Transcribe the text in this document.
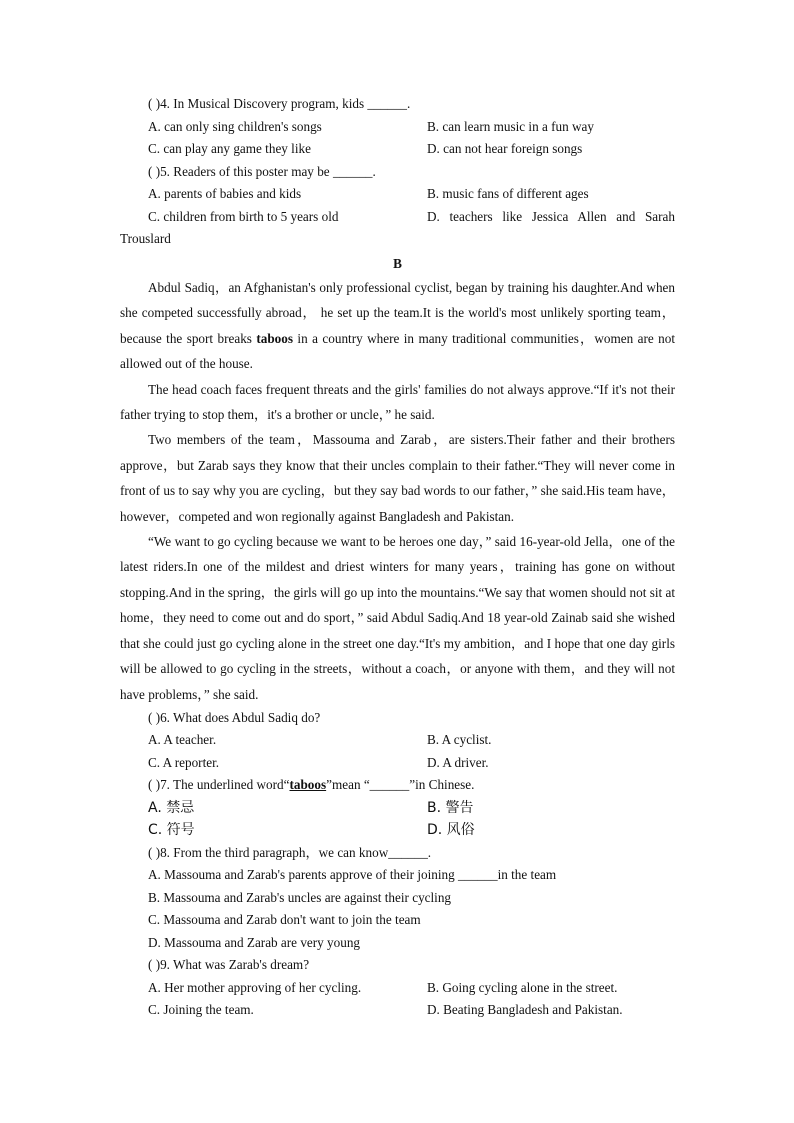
( )4. In Musical Discovery program, kids ______.
A. can only sing children's songs	B. can learn music in a fun way
C. can play any game they like	D. can not hear foreign songs
( )5. Readers of this poster may be ______.
A. parents of babies and kids	B. music fans of different ages
C. children from birth to 5 years old	D. teachers like Jessica Allen and Sarah
Trouslard
B

Abdul Sadiq，an Afghanistan's only professional cyclist, began by training his daughter.And when she competed successfully abroad， he set up the team.It is the world's most unlikely sporting team， because the sport breaks taboos in a country where in many traditional communities，women are not allowed out of the house.

The head coach faces frequent threats and the girls' families do not always approve.“If it's not their father trying to stop them，it's a brother or uncle，” he said.

Two members of the team，Massouma and Zarab，are sisters.Their father and their brothers approve，but Zarab says they know that their uncles complain to their father.“They will never come in front of us to say why you are cycling，but they say bad words to our father，” she said.His team have，however，competed and won regionally against Bangladesh and Pakistan.

“We want to go cycling because we want to be heroes one day，” said 16-year-old Jella，one of the latest riders.In one of the mildest and driest winters for many years，training has gone on without stopping.And in the spring，the girls will go up into the mountains.“We say that women should not sit at home，they need to come out and do sport，” said Abdul Sadiq.And 18 year-old Zainab said she wished that she could just go cycling alone in the street one day.“It's my ambition，and I hope that one day girls will be allowed to go cycling in the streets，without a coach，or anyone with them，and they will not have problems，” she said.

( )6. What does Abdul Sadiq do?
A. A teacher.	B. A cyclist.
C. A reporter.	D. A driver.
( )7. The underlined word“taboos”mean “______”in Chinese.
A. 禁忌	B. 警告
C. 符号	D. 风俗
( )8. From the third paragraph，we can know______.
A. Massouma and Zarab's parents approve of their joining ______in the team
B. Massouma and Zarab's uncles are against their cycling
C. Massouma and Zarab don't want to join the team
D. Massouma and Zarab are very young
( )9. What was Zarab's dream?
A. Her mother approving of her cycling.	B. Going cycling alone in the street.
C. Joining the team.	D. Beating Bangladesh and Pakistan.
